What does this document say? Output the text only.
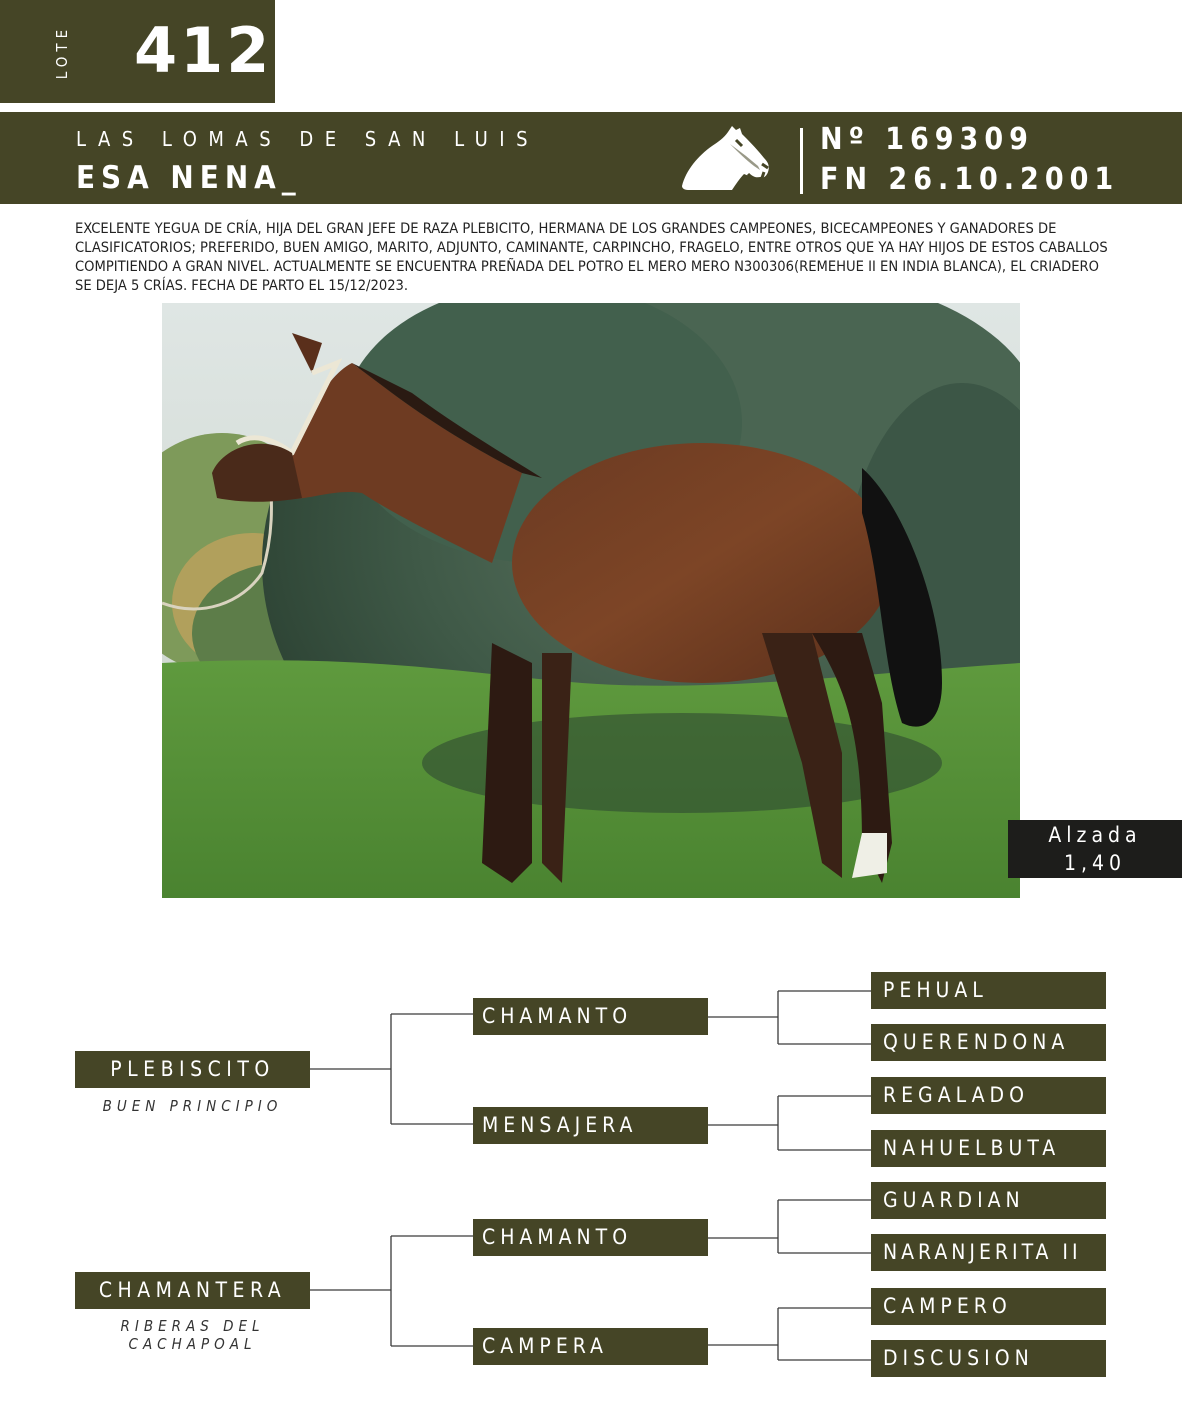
LOTE 412
LAS LOMAS DE SAN LUIS
ESA NENA_
Nº 169309
FN 26.10.2001
EXCELENTE YEGUA DE CRÍA, HIJA DEL GRAN JEFE DE RAZA PLEBICITO, HERMANA DE LOS GRANDES CAMPEONES, BICECAMPEONES Y GANADORES DE CLASIFICATORIOS; PREFERIDO, BUEN AMIGO, MARITO, ADJUNTO, CAMINANTE, CARPINCHO, FRAGELO, ENTRE OTROS QUE YA HAY HIJOS DE ESTOS CABALLOS COMPITIENDO A GRAN NIVEL. ACTUALMENTE SE ENCUENTRA PREÑADA DEL POTRO EL MERO MERO N300306(REMEHUE II EN INDIA BLANCA), EL CRIADERO SE DEJA 5 CRÍAS. FECHA DE PARTO EL 15/12/2023.
Alzada
1,40
PLEBISCITO
BUEN PRINCIPIO
CHAMANTERA
RIBERAS DEL
CACHAPOAL
CHAMANTO
MENSAJERA
CHAMANTO
CAMPERA
PEHUAL
QUERENDONA
REGALADO
NAHUELBUTA
GUARDIAN
NARANJERITA II
CAMPERO
DISCUSION
